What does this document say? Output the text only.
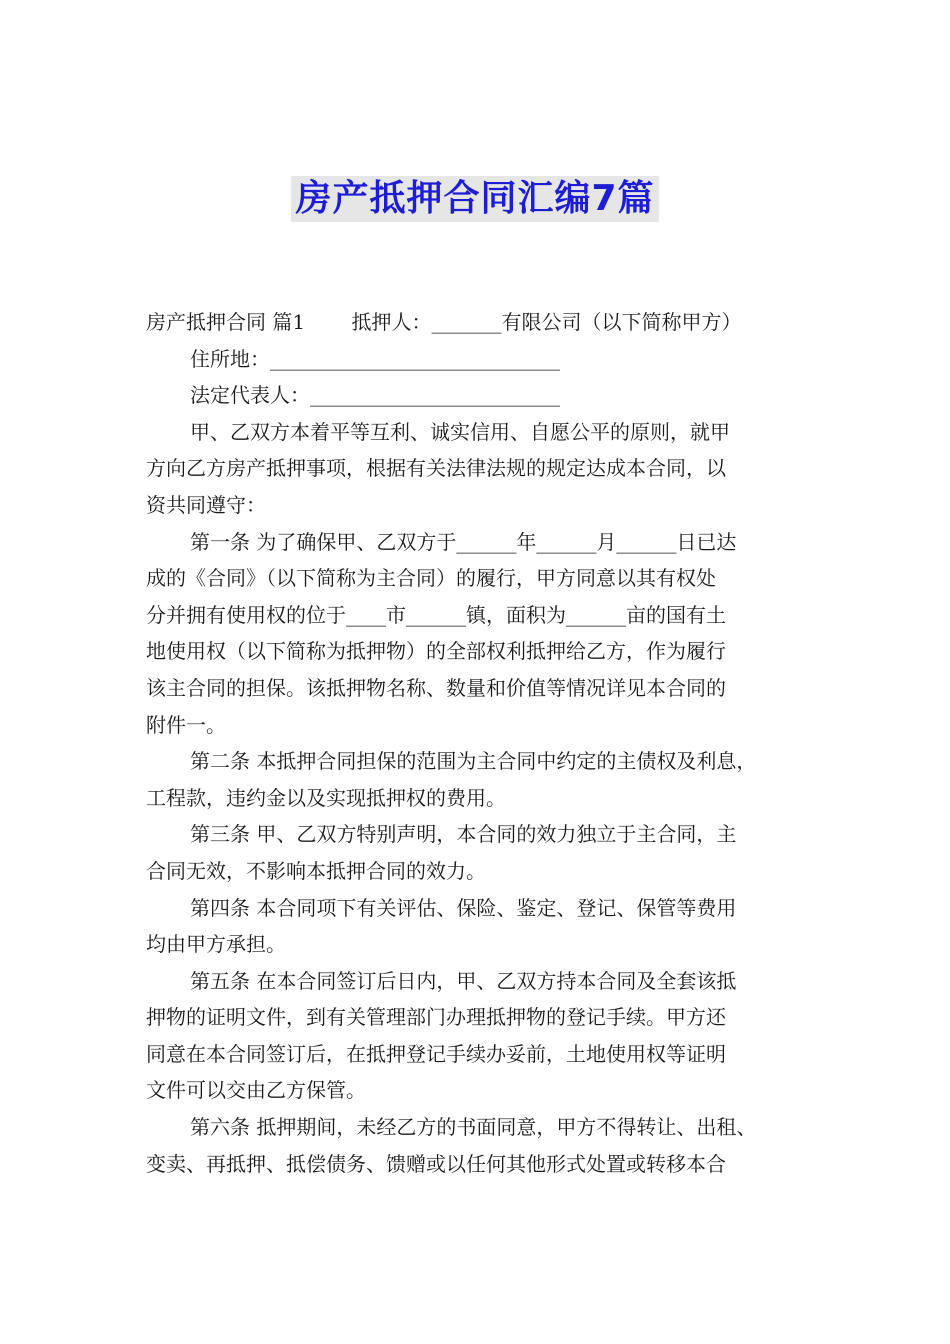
房产抵押合同汇编7篇
房产抵押合同 篇1　　 抵押人：_______有限公司（以下简称甲方）
住所地：_____________________________
法定代表人：_________________________
甲、乙双方本着平等互利、诚实信用、自愿公平的原则，就甲
方向乙方房产抵押事项，根据有关法律法规的规定达成本合同，以
资共同遵守：
第一条 为了确保甲、乙双方于______年______月______日已达
成的《合同》（以下简称为主合同）的履行，甲方同意以其有权处
分并拥有使用权的位于____市______镇，面积为______亩的国有土
地使用权（以下简称为抵押物）的全部权利抵押给乙方，作为履行
该主合同的担保。该抵押物名称、数量和价值等情况详见本合同的
附件一。
第二条 本抵押合同担保的范围为主合同中约定的主债权及利息，
工程款，违约金以及实现抵押权的费用。
第三条 甲、乙双方特别声明，本合同的效力独立于主合同，主
合同无效，不影响本抵押合同的效力。
第四条 本合同项下有关评估、保险、鉴定、登记、保管等费用
均由甲方承担。
第五条 在本合同签订后日内，甲、乙双方持本合同及全套该抵
押物的证明文件，到有关管理部门办理抵押物的登记手续。甲方还
同意在本合同签订后，在抵押登记手续办妥前，土地使用权等证明
文件可以交由乙方保管。
第六条 抵押期间，未经乙方的书面同意，甲方不得转让、出租、
变卖、再抵押、抵偿债务、馈赠或以任何其他形式处置或转移本合
